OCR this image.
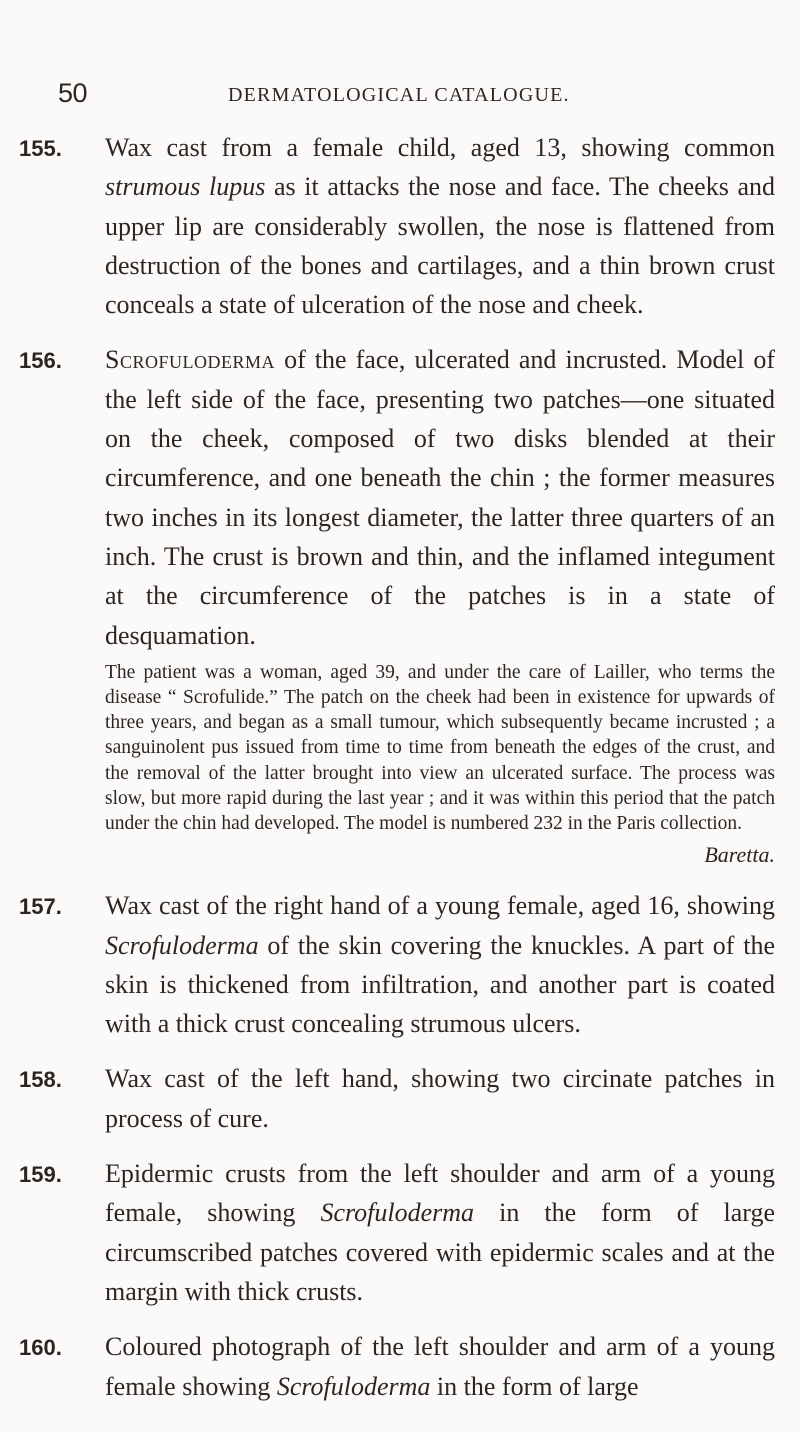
50	DERMATOLOGICAL CATALOGUE.
155. Wax cast from a female child, aged 13, showing common strumous lupus as it attacks the nose and face. The cheeks and upper lip are considerably swollen, the nose is flattened from destruction of the bones and cartilages, and a thin brown crust conceals a state of ulceration of the nose and cheek.

156. Scrofuloderma of the face, ulcerated and incrusted. Model of the left side of the face, presenting two patches—one situated on the cheek, composed of two disks blended at their circumference, and one beneath the chin ; the former measures two inches in its longest diameter, the latter three quarters of an inch. The crust is brown and thin, and the inflamed integument at the circumference of the patches is in a state of desquamation.

The patient was a woman, aged 39, and under the care of Lailler, who terms the disease “ Scrofulide.” The patch on the cheek had been in existence for upwards of three years, and began as a small tumour, which subsequently became incrusted ; a sanguinolent pus issued from time to time from beneath the edges of the crust, and the removal of the latter brought into view an ulcerated surface. The process was slow, but more rapid during the last year ; and it was within this period that the patch under the chin had developed. The model is numbered 232 in the Paris collection.

Baretta.
157. Wax cast of the right hand of a young female, aged 16, showing Scrofuloderma of the skin covering the knuckles. A part of the skin is thickened from infiltration, and another part is coated with a thick crust concealing strumous ulcers.

158. Wax cast of the left hand, showing two circinate patches in process of cure.

159. Epidermic crusts from the left shoulder and arm of a young female, showing Scrofuloderma in the form of large circumscribed patches covered with epidermic scales and at the margin with thick crusts.

160. Coloured photograph of the left shoulder and arm of a young female showing Scrofuloderma in the form of large
